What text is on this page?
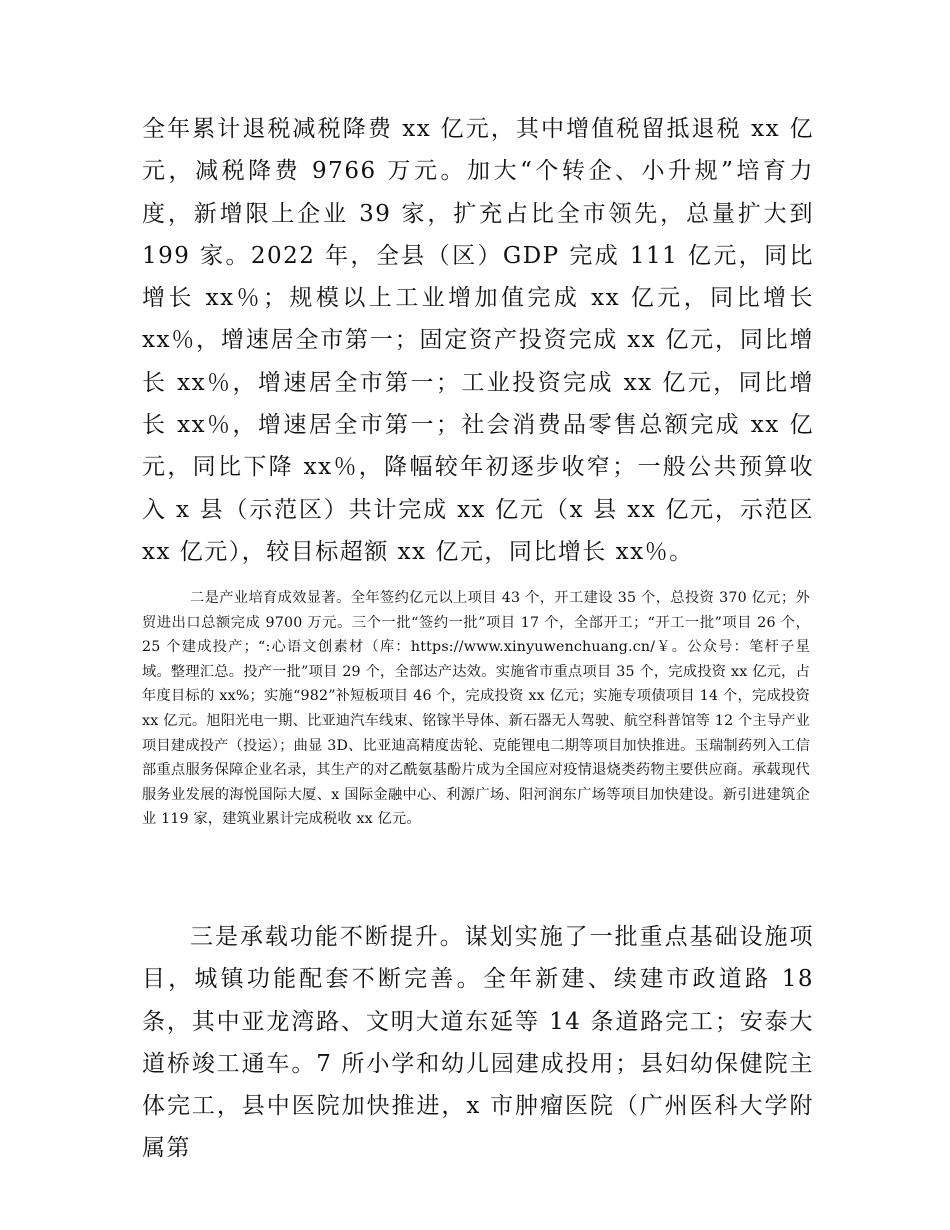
全年累计退税减税降费 xx 亿元，其中增值税留抵退税 xx 亿元，减税降费 9766 万元。加大“个转企、小升规”培育力度，新增限上企业 39 家，扩充占比全市领先，总量扩大到 199 家。2022 年，全县（区）GDP 完成 111 亿元，同比增长 xx％；规模以上工业增加值完成 xx 亿元，同比增长 xx％，增速居全市第一；固定资产投资完成 xx 亿元，同比增长 xx％，增速居全市第一；工业投资完成 xx 亿元，同比增长 xx％，增速居全市第一；社会消费品零售总额完成 xx 亿元，同比下降 xx％，降幅较年初逐步收窄；一般公共预算收入 x 县（示范区）共计完成 xx 亿元（x 县 xx 亿元，示范区 xx 亿元），较目标超额 xx 亿元，同比增长 xx％。

二是产业培育成效显著。全年签约亿元以上项目 43 个，开工建设 35 个，总投资 370 亿元；外贸进出口总额完成 9700 万元。三个一批“签约一批”项目 17 个，全部开工；“开工一批”项目 26 个，25 个建成投产；“:心语文创素材（库：https://www.xinyuwenchuang.cn/￥。公众号：笔杆子星域。整理汇总。投产一批”项目 29 个，全部达产达效。实施省市重点项目 35 个，完成投资 xx 亿元，占年度目标的 xx%；实施“982”补短板项目 46 个，完成投资 xx 亿元；实施专项债项目 14 个，完成投资 xx 亿元。旭阳光电一期、比亚迪汽车线束、铭镓半导体、新石器无人驾驶、航空科普馆等 12 个主导产业项目建成投产（投运）；曲显 3D、比亚迪高精度齿轮、克能锂电二期等项目加快推进。玉瑞制药列入工信部重点服务保障企业名录，其生产的对乙酰氨基酚片成为全国应对疫情退烧类药物主要供应商。承载现代服务业发展的海悦国际大厦、x 国际金融中心、利源广场、阳河润东广场等项目加快建设。新引进建筑企业 119 家，建筑业累计完成税收 xx 亿元。

三是承载功能不断提升。谋划实施了一批重点基础设施项目，城镇功能配套不断完善。全年新建、续建市政道路 18 条，其中亚龙湾路、文明大道东延等 14 条道路完工；安泰大道桥竣工通车。7 所小学和幼儿园建成投用；县妇幼保健院主体完工，县中医院加快推进，x 市肿瘤医院（广州医科大学附属第
